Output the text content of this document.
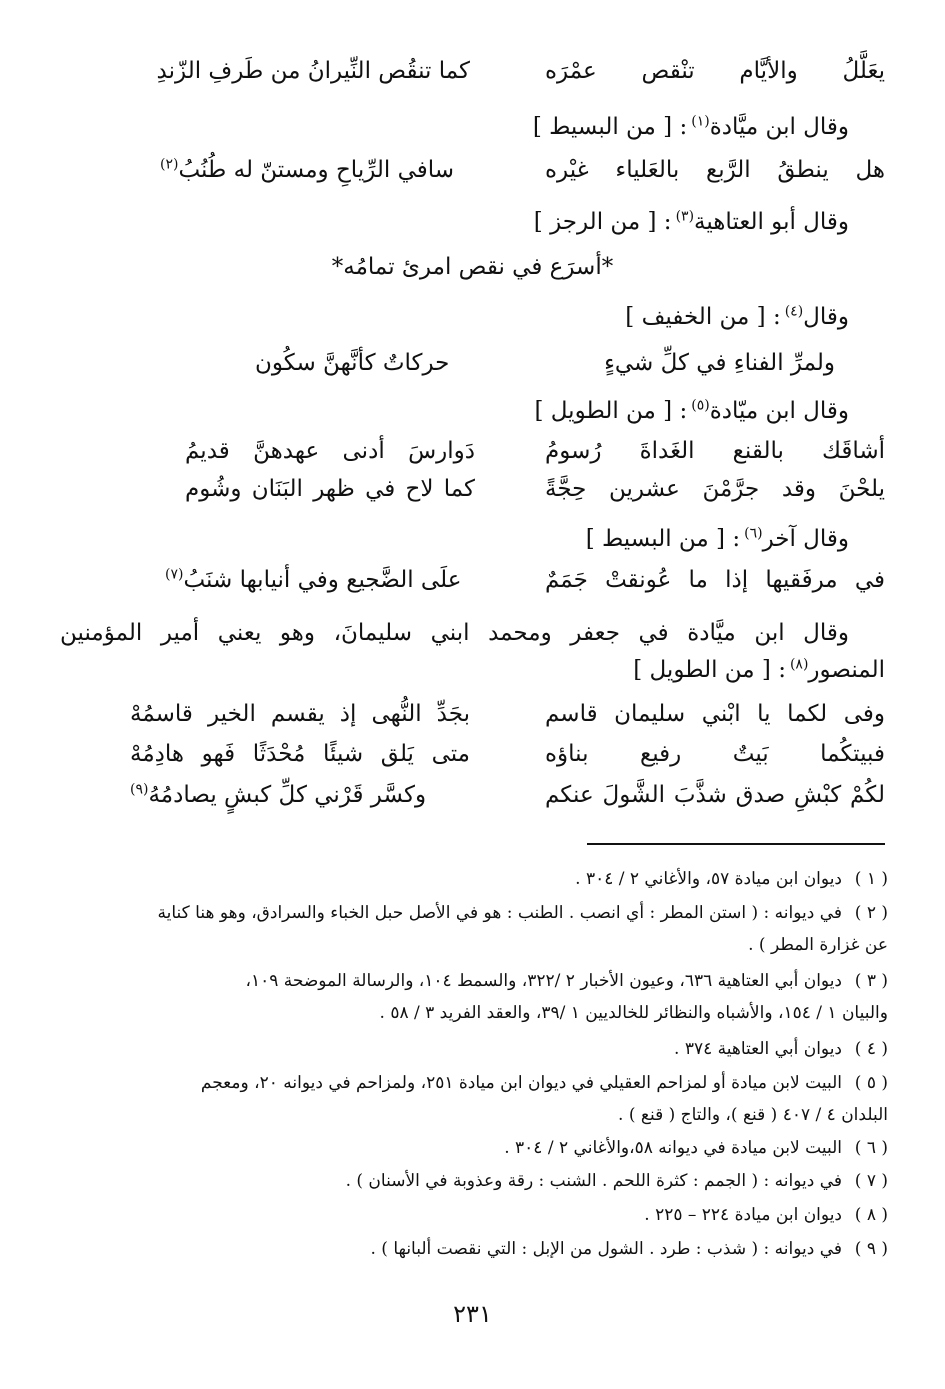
يعَلَّلُ والأيَّام تنْقص عمْرَه
كما تنقُص النِّيرانُ من طَرفِ الزّندِ
وقال ابن ميَّادة$^{(١)}$: [ من البسيط ]
هل ينطقُ الرَّبع بالعَلياء غيْره
سافي الرِّياحِ ومستنّ له طُنُبُ$^{(٢)}$
وقال أبو العتاهية$^{(٣)}$: [ من الرجز ]
*أسرَع في نقص امرئ تمامُه*
وقال$^{(٤)}$: [ من الخفيف ]
ولمرِّ الفناءِ في كلِّ شيءٍ
حركاتٌ كأنَّهنَّ سكُون
وقال ابن ميّادة$^{(٥)}$: [ من الطويل ]
أشاقَك بالقنع الغَداةَ رُسومُ
دَوارسَ أدنى عهدهنَّ قديمُ
يلحْنَ وقد جرَّمْنَ عشرين حِجَّةً
كما لاح في ظهر البَنَان وشُوم
وقال آخر$^{(٦)}$: [ من البسيط ]
في مرفَقيها إذا ما عُونقتْ جَمَمٌ
علَى الضَّجيع وفي أنيابها شنَبُ$^{(٧)}$
وقال ابن ميَّادة في جعفر ومحمد ابني سليمانَ، وهو يعني أمير المؤمنين
المنصور$^{(٨)}$: [ من الطويل ]
وفى لكما يا ابْني سليمان قاسم
بجَدِّ النُّهى إذ يقسم الخير قاسمُهْ
فبيتكُما بَيتٌ رفيع بناؤه
متى يَلق شيئًا مُحْدَثًا فَهو هادِمُهْ
لكُمْ كبْشِ صدق شذَّبَ الشَّولَ عنكم
وكسَّر قَرْني كلِّ كبشٍ يصادمُهُ$^{(٩)}$
( ١ )ديوان ابن ميادة ٥٧، والأغاني ٢ / ٣٠٤ .
( ٢ )في ديوانه : ( استن المطر : أي انصب . الطنب : هو في الأصل حبل الخباء والسرادق، وهو هنا كناية
عن غزارة المطر ) .
( ٣ )ديوان أبي العتاهية ٦٣٦، وعيون الأخبار ٢ /٣٢٢، والسمط ١٠٤، والرسالة الموضحة ١٠٩،
والبيان ١ / ١٥٤، والأشباه والنظائر للخالديين ١ /٣٩، والعقد الفريد ٣ / ٥٨ .
( ٤ )ديوان أبي العتاهية ٣٧٤ .
( ٥ )البيت لابن ميادة أو لمزاحم العقيلي في ديوان ابن ميادة ٢٥١، ولمزاحم في ديوانه ٢٠، ومعجم
البلدان ٤ / ٤٠٧ ( قنع )، والتاج ( قنع ) .
( ٦ )البيت لابن ميادة في ديوانه ٥٨،والأغاني ٢ / ٣٠٤ .
( ٧ )في ديوانه : ( الجمم : كثرة اللحم . الشنب : رقة وعذوبة في الأسنان ) .
( ٨ )ديوان ابن ميادة ٢٢٤ – ٢٢٥ .
( ٩ )في ديوانه : ( شذب : طرد . الشول من الإبل : التي نقصت ألبانها ) .
٢٣١
